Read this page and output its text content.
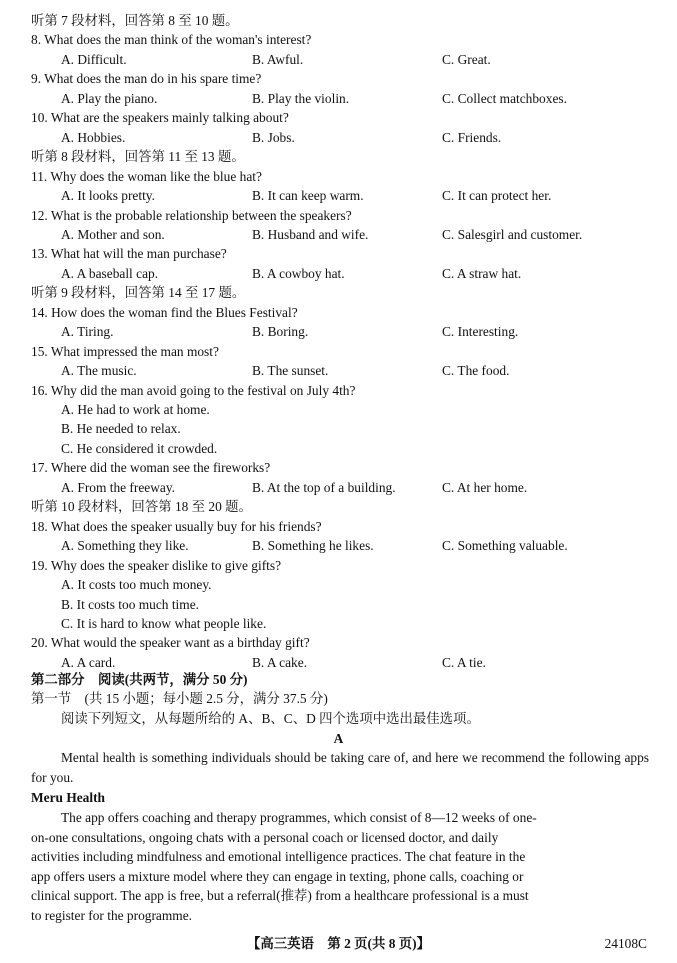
听第 7 段材料，回答第 8 至 10 题。
8. What does the man think of the woman's interest?
A. Difficult.	B. Awful.	C. Great.
9. What does the man do in his spare time?
A. Play the piano.	B. Play the violin.	C. Collect matchboxes.
10. What are the speakers mainly talking about?
A. Hobbies.	B. Jobs.	C. Friends.
听第 8 段材料，回答第 11 至 13 题。
11. Why does the woman like the blue hat?
A. It looks pretty.	B. It can keep warm.	C. It can protect her.
12. What is the probable relationship between the speakers?
A. Mother and son.	B. Husband and wife.	C. Salesgirl and customer.
13. What hat will the man purchase?
A. A baseball cap.	B. A cowboy hat.	C. A straw hat.
听第 9 段材料，回答第 14 至 17 题。
14. How does the woman find the Blues Festival?
A. Tiring.	B. Boring.	C. Interesting.
15. What impressed the man most?
A. The music.	B. The sunset.	C. The food.
16. Why did the man avoid going to the festival on July 4th?
A. He had to work at home.
B. He needed to relax.
C. He considered it crowded.
17. Where did the woman see the fireworks?
A. From the freeway.	B. At the top of a building.	C. At her home.
听第 10 段材料，回答第 18 至 20 题。
18. What does the speaker usually buy for his friends?
A. Something they like.	B. Something he likes.	C. Something valuable.
19. Why does the speaker dislike to give gifts?
A. It costs too much money.
B. It costs too much time.
C. It is hard to know what people like.
20. What would the speaker want as a birthday gift?
A. A card.	B. A cake.	C. A tie.
第二部分　阅读(共两节，满分 50 分)
第一节　(共 15 小题；每小题 2.5 分，满分 37.5 分)
阅读下列短文，从每题所给的 A、B、C、D 四个选项中选出最佳选项。
A
Mental health is something individuals should be taking care of, and here we recommend the following apps for you.
Meru Health
The app offers coaching and therapy programmes, which consist of 8—12 weeks of one-
on-one consultations, ongoing chats with a personal coach or licensed doctor, and daily
activities including mindfulness and emotional intelligence practices. The chat feature in the
app offers users a mixture model where they can engage in texting, phone calls, coaching or
clinical support. The app is free, but a referral(推荐) from a healthcare professional is a must
to register for the programme.
【高三英语　第 2 页(共 8 页)】	24108C
